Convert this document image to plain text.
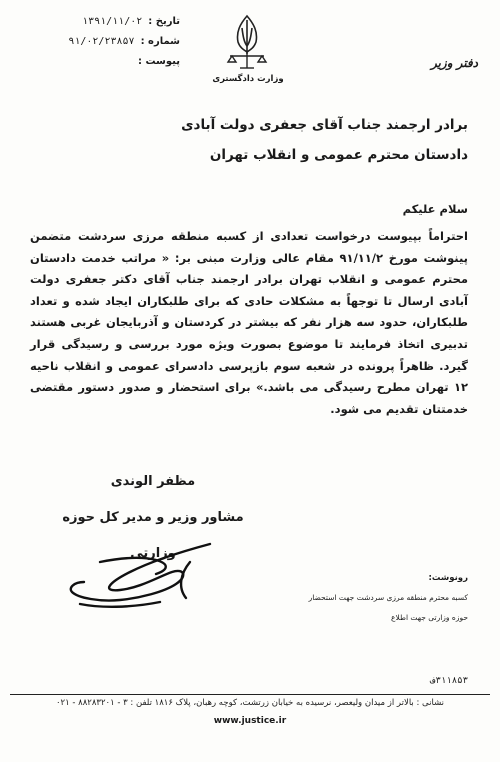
تاریخ :
۱۳۹۱/۱۱/۰۲
شماره :
۹۱/۰۲/۲۳۸۵۷
پیوست :
وزارت دادگستری
دفتر وزیر
برادر ارجمند جناب آقای جعفری دولت آبادی
دادستان محترم عمومی و انقلاب تهران
سلام علیکم
احتراماً بپیوست درخواست تعدادی از کسبه منطقه مرزی سردشت متضمن پینوشت مورخ ۹۱/۱۱/۲ مقام عالی وزارت مبنی بر: « مراتب خدمت دادستان محترم عمومی و انقلاب تهران برادر ارجمند جناب آقای دکتر جعفری دولت آبادی ارسال تا توجهاً به مشکلات حادی که برای طلبکاران ایجاد شده و تعداد طلبکاران، حدود سه هزار نفر که بیشتر در کردستان و آذربایجان غربی هستند تدبیری اتخاذ فرمایند تا موضوع بصورت ویژه مورد بررسی و رسیدگی قرار گیرد. ظاهراً پرونده در شعبه سوم بازپرسی دادسرای عمومی و انقلاب ناحیه ۱۲ تهران مطرح رسیدگی می باشد.» برای استحضار و صدور دستور مقتضی خدمتتان تقدیم می شود.
مظفر الوندی
مشاور وزیر و مدیر کل حوزه وزارتی
رونوشت:
کسبه محترم منطقه مرزی سردشت جهت استحضار
حوزه وزارتی جهت اطلاع
۳۱۱۸۵۳ف
نشانی : بالاتر از میدان ولیعصر، نرسیده به خیابان زرتشت، کوچه رهبان، پلاک ۱۸۱۶ تلفن : ۳ - ۸۸۲۸۳۲۰۱ - ۰۲۱
www.justice.ir
